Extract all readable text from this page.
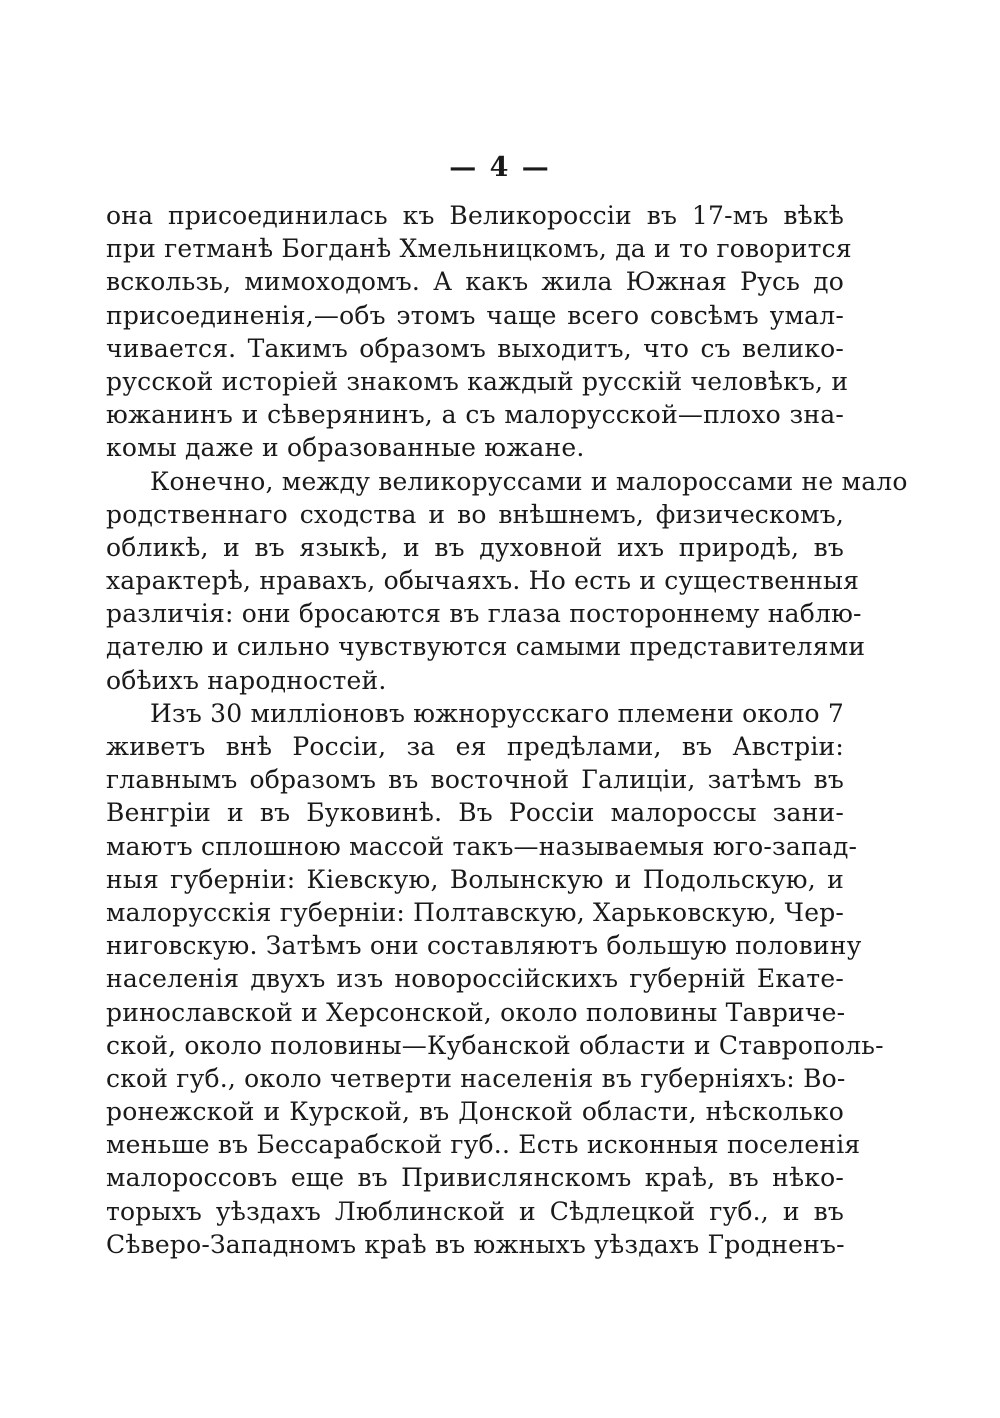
— 4 —
она присоединилась къ Великороссіи въ 17-мъ вѣкѣ
при гетманѣ Богданѣ Хмельницкомъ, да и то говорится
вскользь, мимоходомъ. А какъ жила Южная Русь до
присоединенія,—объ этомъ чаще всего совсѣмъ умал-
чивается. Такимъ образомъ выходитъ, что съ велико-
русской исторіей знакомъ каждый русскій человѣкъ, и
южанинъ и сѣверянинъ, а съ малорусской—плохо зна-
комы даже и образованные южане.
Конечно, между великоруссами и малороссами не мало
родственнаго сходства и во внѣшнемъ, физическомъ,
обликѣ, и въ языкѣ, и въ духовной ихъ природѣ, въ
характерѣ, нравахъ, обычаяхъ. Но есть и существенныя
различія: они бросаются въ глаза постороннему наблю-
дателю и сильно чувствуются самыми представителями
обѣихъ народностей.
Изъ 30 милліоновъ южнорусскаго племени около 7
живетъ внѣ Россіи, за ея предѣлами, въ Австріи:
главнымъ образомъ въ восточной Галиціи, затѣмъ въ
Венгріи и въ Буковинѣ. Въ Россіи малороссы зани-
маютъ сплошною массой такъ—называемыя юго-запад-
ныя губерніи: Кіевскую, Волынскую и Подольскую, и
малорусскія губерніи: Полтавскую, Харьковскую, Чер-
ниговскую. Затѣмъ они составляютъ большую половину
населенія двухъ изъ новороссійскихъ губерній Екате-
ринославской и Херсонской, около половины Тавриче-
ской, около половины—Кубанской области и Ставрополь-
ской губ., около четверти населенія въ губерніяхъ: Во-
ронежской и Курской, въ Донской области, нѣсколько
меньше въ Бессарабской губ.. Есть исконныя поселенія
малороссовъ еще въ Привислянскомъ краѣ, въ нѣко-
торыхъ уѣздахъ Люблинской и Сѣдлецкой губ., и въ
Сѣверо-Западномъ краѣ въ южныхъ уѣздахъ Гродненъ-
